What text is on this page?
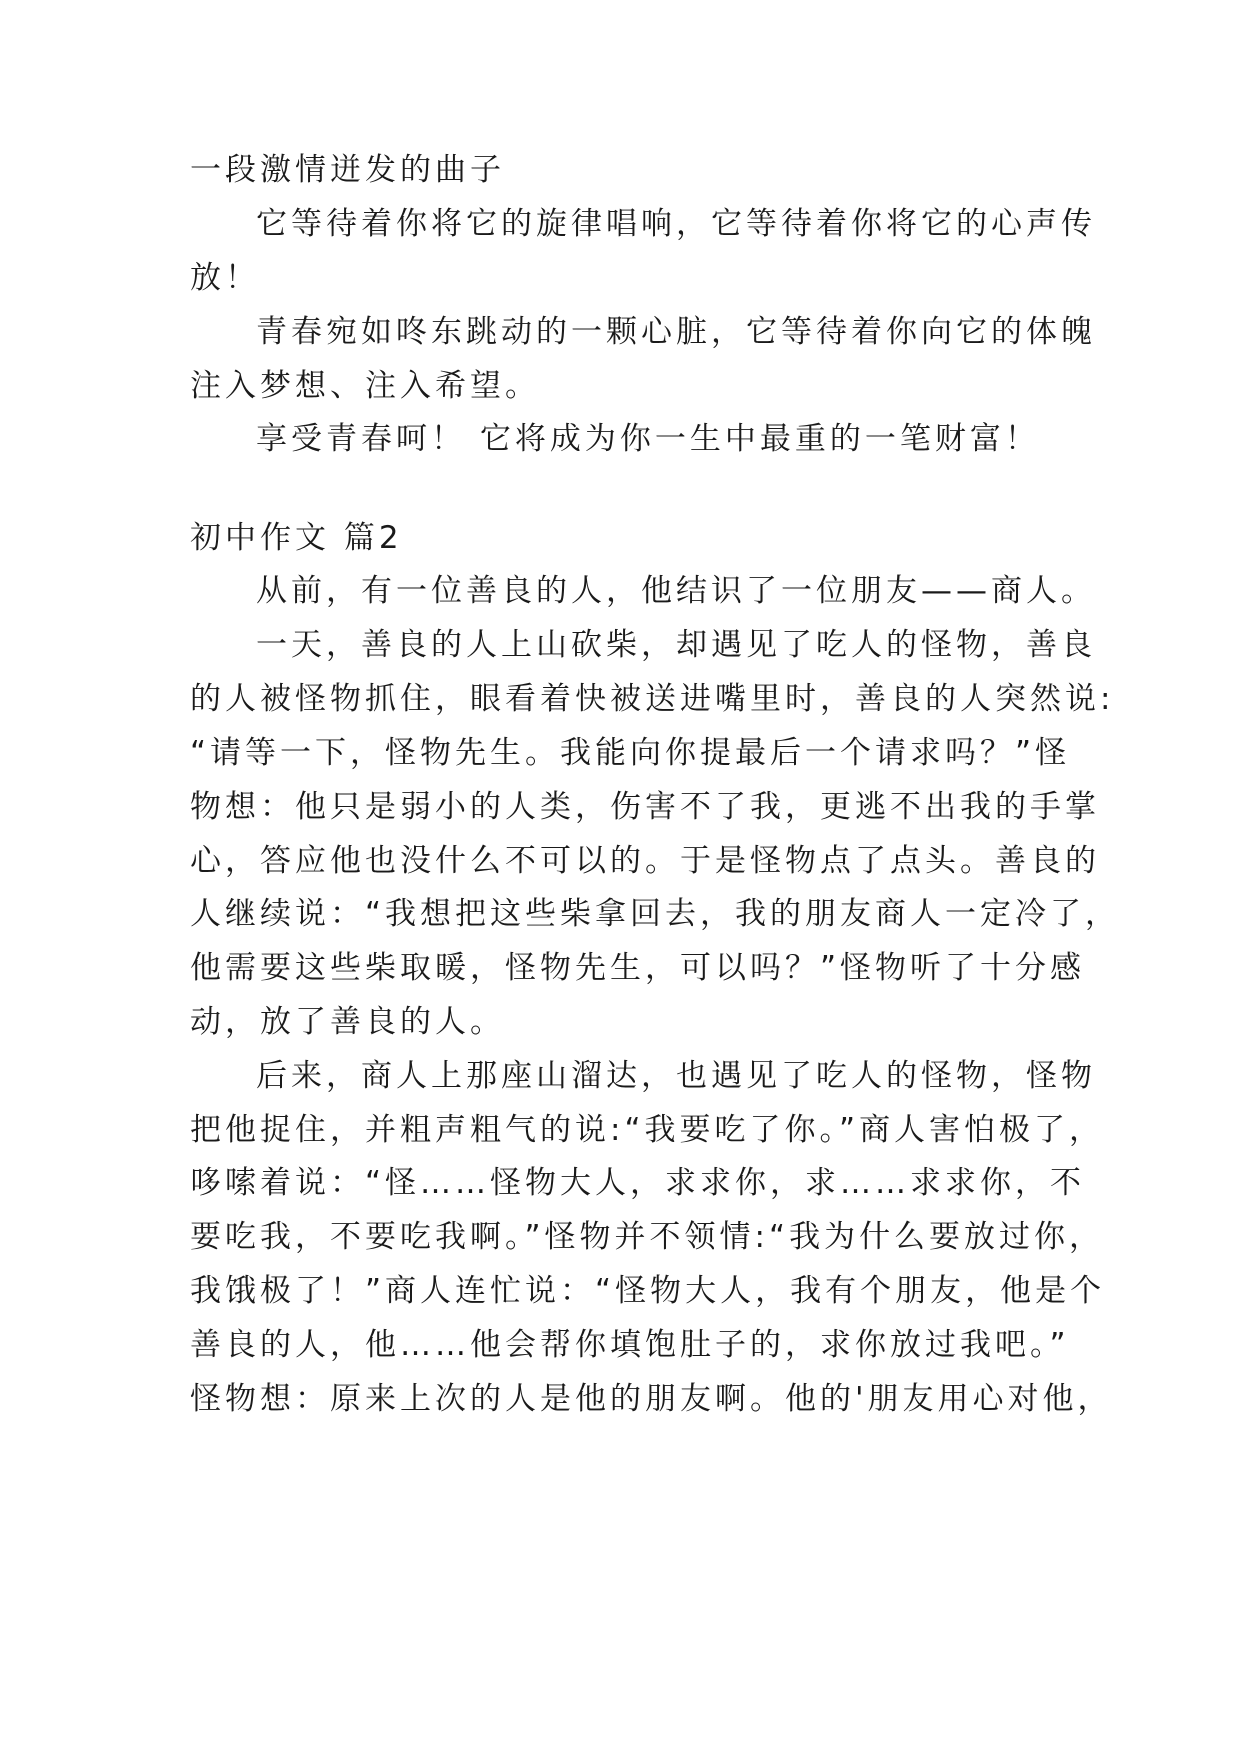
一段激情迸发的曲子

它等待着你将它的旋律唱响，它等待着你将它的心声传

放！

青春宛如咚东跳动的一颗心脏，它等待着你向它的体魄

注入梦想、注入希望。

享受青春呵！ 它将成为你一生中最重的一笔财富！

初中作文 篇2

从前，有一位善良的人，他结识了一位朋友——商人。

一天，善良的人上山砍柴，却遇见了吃人的怪物，善良

的人被怪物抓住，眼看着快被送进嘴里时，善良的人突然说:

“请等一下，怪物先生。我能向你提最后一个请求吗？”怪

物想：他只是弱小的人类，伤害不了我，更逃不出我的手掌

心，答应他也没什么不可以的。于是怪物点了点头。善良的

人继续说：“我想把这些柴拿回去，我的朋友商人一定冷了，

他需要这些柴取暖，怪物先生，可以吗？”怪物听了十分感

动，放了善良的人。

后来，商人上那座山溜达，也遇见了吃人的怪物，怪物

把他捉住，并粗声粗气的说:“我要吃了你。”商人害怕极了，

哆嗦着说：“怪……怪物大人，求求你，求……求求你，不

要吃我，不要吃我啊。”怪物并不领情:“我为什么要放过你，

我饿极了！”商人连忙说：“怪物大人，我有个朋友，他是个

善良的人，他……他会帮你填饱肚子的，求你放过我吧。”

怪物想：原来上次的人是他的朋友啊。他的'朋友用心对他，
